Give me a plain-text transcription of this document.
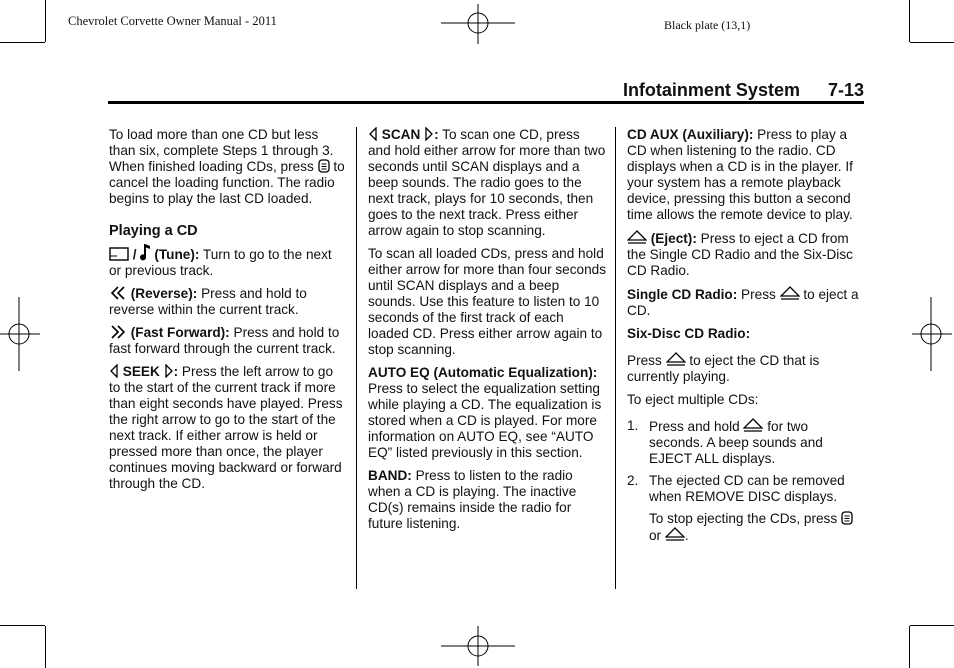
Chevrolet Corvette Owner Manual - 2011	Black plate (13,1)
Infotainment System 7-13

To load more than one CD but less than six, complete Steps 1 through 3. When finished loading CDs, press to cancel the loading function. The radio begins to play the last CD loaded.

Playing a CD

/ (Tune): Turn to go to the next or previous track.

(Reverse): Press and hold to reverse within the current track.

(Fast Forward): Press and hold to fast forward through the current track.

SEEK : Press the left arrow to go to the start of the current track if more than eight seconds have played. Press the right arrow to go to the start of the next track. If either arrow is held or pressed more than once, the player continues moving backward or forward through the CD.

SCAN : To scan one CD, press and hold either arrow for more than two seconds until SCAN displays and a beep sounds. The radio goes to the next track, plays for 10 seconds, then goes to the next track. Press either arrow again to stop scanning.

To scan all loaded CDs, press and hold either arrow for more than four seconds until SCAN displays and a beep sounds. Use this feature to listen to 10 seconds of the first track of each loaded CD. Press either arrow again to stop scanning.

AUTO EQ (Automatic Equalization): Press to select the equalization setting while playing a CD. The equalization is stored when a CD is played. For more information on AUTO EQ, see “AUTO EQ” listed previously in this section.

BAND: Press to listen to the radio when a CD is playing. The inactive CD(s) remains inside the radio for future listening.

CD AUX (Auxiliary): Press to play a CD when listening to the radio. CD displays when a CD is in the player. If your system has a remote playback device, pressing this button a second time allows the remote device to play.

(Eject): Press to eject a CD from the Single CD Radio and the Six-Disc CD Radio.

Single CD Radio: Press to eject a CD.

Six-Disc CD Radio:

Press to eject the CD that is currently playing.

To eject multiple CDs:

1. Press and hold for two seconds. A beep sounds and EJECT ALL displays.
2. The ejected CD can be removed when REMOVE DISC displays.

To stop ejecting the CDs, press  or .
